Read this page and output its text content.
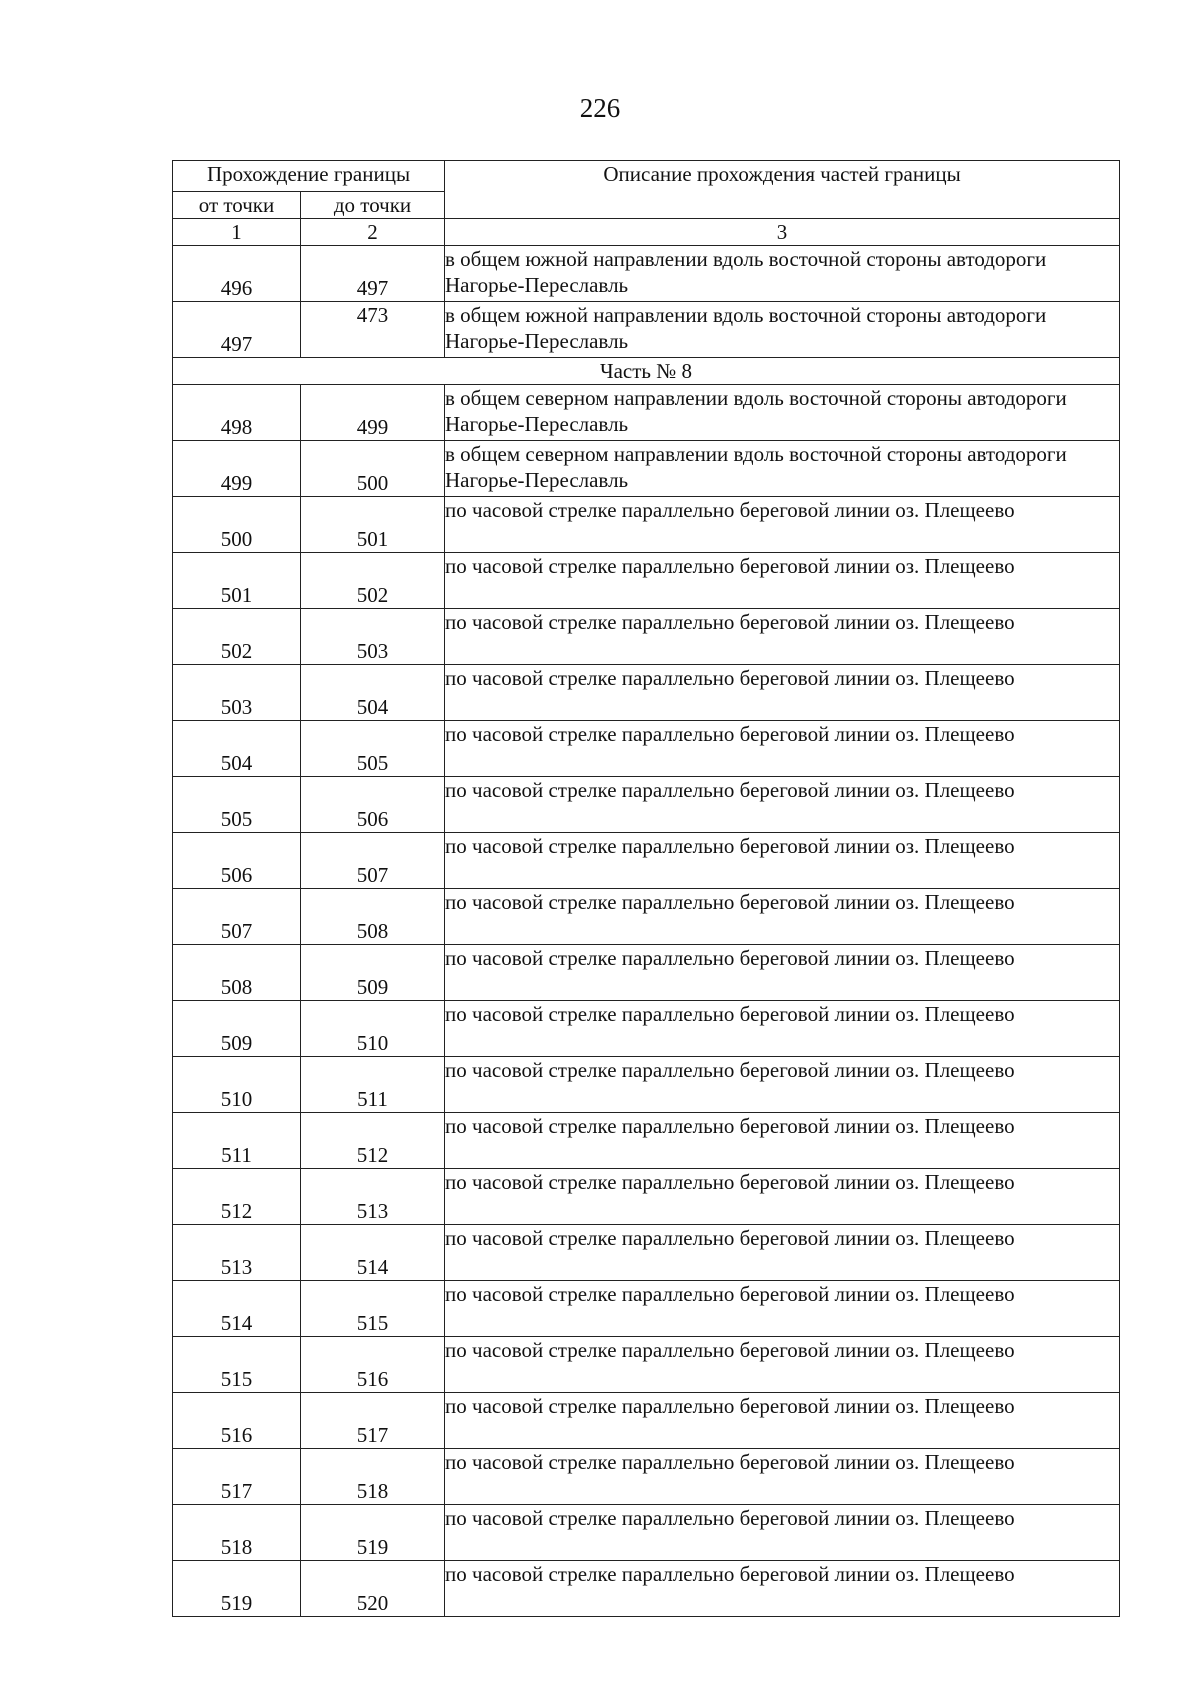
226
Прохождение границы		Описание прохождения частей границы
от точки	до точки	
1	2	3
496	497	в общем южной направлении вдоль восточной стороны автодороги Нагорье-Переславль
497	473	в общем южной направлении вдоль восточной стороны автодороги Нагорье-Переславль
Часть № 8		
498	499	в общем северном направлении вдоль восточной стороны автодороги Нагорье-Переславль
499	500	в общем северном направлении вдоль восточной стороны автодороги Нагорье-Переславль
500	501	по часовой стрелке параллельно береговой линии оз. Плещеево
501	502	по часовой стрелке параллельно береговой линии оз. Плещеево
502	503	по часовой стрелке параллельно береговой линии оз. Плещеево
503	504	по часовой стрелке параллельно береговой линии оз. Плещеево
504	505	по часовой стрелке параллельно береговой линии оз. Плещеево
505	506	по часовой стрелке параллельно береговой линии оз. Плещеево
506	507	по часовой стрелке параллельно береговой линии оз. Плещеево
507	508	по часовой стрелке параллельно береговой линии оз. Плещеево
508	509	по часовой стрелке параллельно береговой линии оз. Плещеево
509	510	по часовой стрелке параллельно береговой линии оз. Плещеево
510	511	по часовой стрелке параллельно береговой линии оз. Плещеево
511	512	по часовой стрелке параллельно береговой линии оз. Плещеево
512	513	по часовой стрелке параллельно береговой линии оз. Плещеево
513	514	по часовой стрелке параллельно береговой линии оз. Плещеево
514	515	по часовой стрелке параллельно береговой линии оз. Плещеево
515	516	по часовой стрелке параллельно береговой линии оз. Плещеево
516	517	по часовой стрелке параллельно береговой линии оз. Плещеево
517	518	по часовой стрелке параллельно береговой линии оз. Плещеево
518	519	по часовой стрелке параллельно береговой линии оз. Плещеево
519	520	по часовой стрелке параллельно береговой линии оз. Плещеево
